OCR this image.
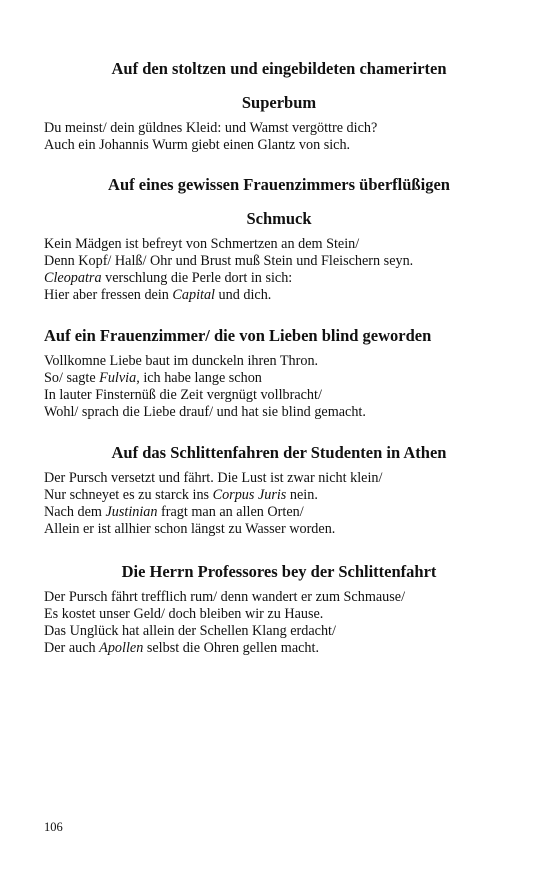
Auf den stoltzen und eingebildeten chamerirten
Superbum
Du meinst/ dein güldnes Kleid: und Wamst vergöttre dich?
Auch ein Johannis Wurm giebt einen Glantz von sich.
Auf eines gewissen Frauenzimmers überflüßigen
Schmuck
Kein Mädgen ist befreyt von Schmertzen an dem Stein/
Denn Kopf/ Halß/ Ohr und Brust muß Stein und Fleischern seyn.
Cleopatra verschlung die Perle dort in sich:
Hier aber fressen dein Capital und dich.
Auf ein Frauenzimmer/ die von Lieben blind geworden
Vollkomne Liebe baut im dunckeln ihren Thron.
So/ sagte Fulvia, ich habe lange schon
In lauter Finsternüß die Zeit vergnügt vollbracht/
Wohl/ sprach die Liebe drauf/ und hat sie blind gemacht.
Auf das Schlittenfahren der Studenten in Athen
Der Pursch versetzt und fährt. Die Lust ist zwar nicht klein/
Nur schneyet es zu starck ins Corpus Juris nein.
Nach dem Justinian fragt man an allen Orten/
Allein er ist allhier schon längst zu Wasser worden.
Die Herrn Professores bey der Schlittenfahrt
Der Pursch fährt trefflich rum/ denn wandert er zum Schmause/
Es kostet unser Geld/ doch bleiben wir zu Hause.
Das Unglück hat allein der Schellen Klang erdacht/
Der auch Apollen selbst die Ohren gellen macht.
106
